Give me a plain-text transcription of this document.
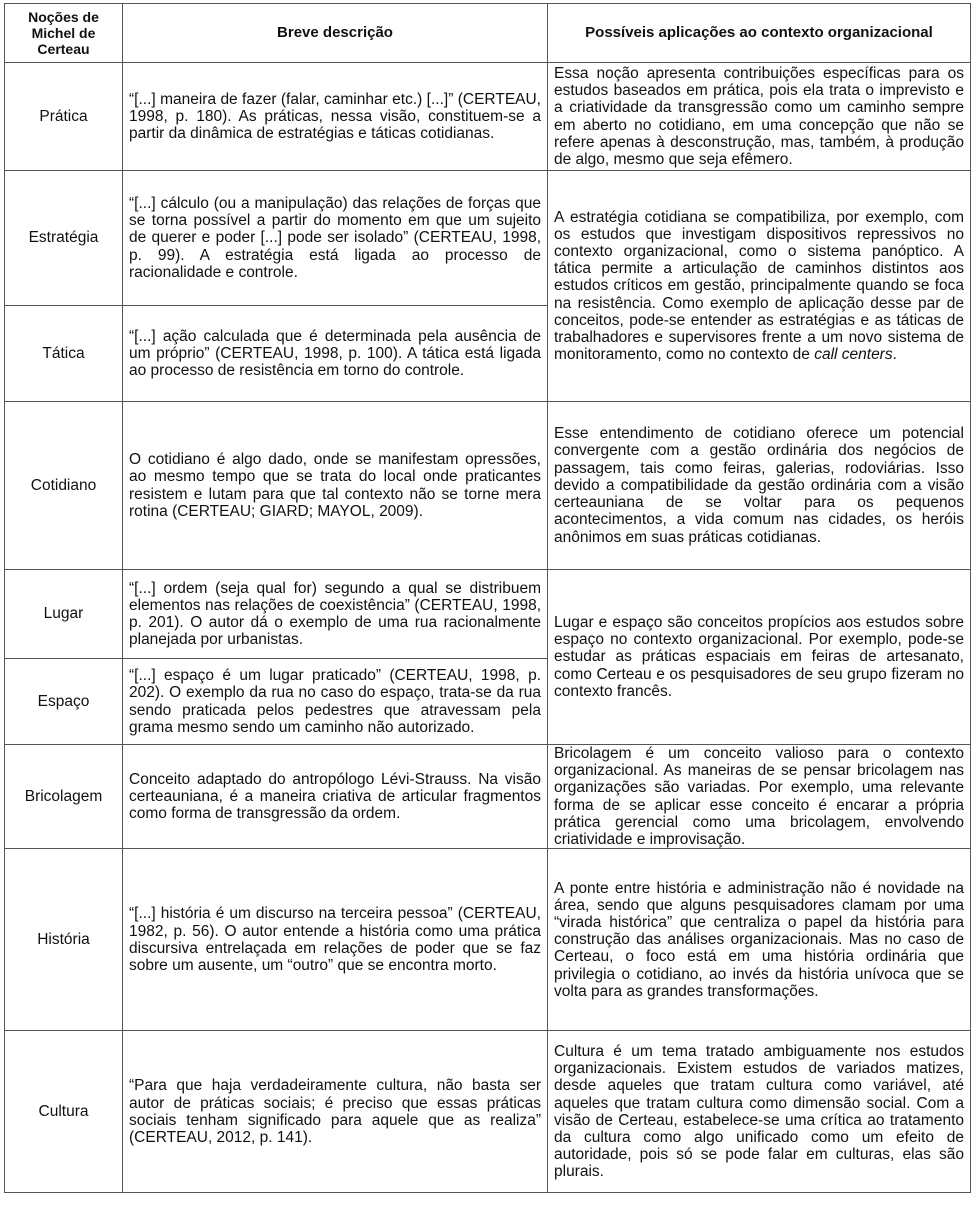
Noções de Michel de Certeau	Breve descrição	Possíveis aplicações ao contexto organizacional
Prática	“[...] maneira de fazer (falar, caminhar etc.) [...]” (CERTEAU, 1998, p. 180). As práticas, nessa visão, constituem-se a partir da dinâmica de estratégias e táticas cotidianas.	Essa noção apresenta contribuições específicas para os estudos baseados em prática, pois ela trata o imprevisto e a criatividade da transgressão como um caminho sempre em aberto no cotidiano, em uma concepção que não se refere apenas à desconstrução, mas, também, à produção de algo, mesmo que seja efêmero.
Estratégia	“[...] cálculo (ou a manipulação) das relações de forças que se torna possível a partir do momento em que um sujeito de querer e poder [...] pode ser isolado” (CERTEAU, 1998, p. 99). A estratégia está ligada ao processo de racionalidade e controle.	A estratégia cotidiana se compatibiliza, por exemplo, com os estudos que investigam dispositivos repressivos no contexto organizacional, como o sistema panóptico. A tática permite a articulação de caminhos distintos aos estudos críticos em gestão, principalmente quando se foca na resistência. Como exemplo de aplicação desse par de conceitos, pode-se entender as estratégias e as táticas de trabalhadores e supervisores frente a um novo sistema de monitoramento, como no contexto de call centers.
Tática	“[...] ação calculada que é determinada pela ausência de um próprio” (CERTEAU, 1998, p. 100). A tática está ligada ao processo de resistência em torno do controle.	
Cotidiano	O cotidiano é algo dado, onde se manifestam opressões, ao mesmo tempo que se trata do local onde praticantes resistem e lutam para que tal contexto não se torne mera rotina (CERTEAU; GIARD; MAYOL, 2009).	Esse entendimento de cotidiano oferece um potencial convergente com a gestão ordinária dos negócios de passagem, tais como feiras, galerias, rodoviárias. Isso devido a compatibilidade da gestão ordinária com a visão certeauniana de se voltar para os pequenos acontecimentos, a vida comum nas cidades, os heróis anônimos em suas práticas cotidianas.
Lugar	“[...] ordem (seja qual for) segundo a qual se distribuem elementos nas relações de coexistência” (CERTEAU, 1998, p. 201). O autor dá o exemplo de uma rua racionalmente planejada por urbanistas.	Lugar e espaço são conceitos propícios aos estudos sobre espaço no contexto organizacional. Por exemplo, pode-se estudar as práticas espaciais em feiras de artesanato, como Certeau e os pesquisadores de seu grupo fizeram no contexto francês.
Espaço	“[...] espaço é um lugar praticado” (CERTEAU, 1998, p. 202). O exemplo da rua no caso do espaço, trata-se da rua sendo praticada pelos pedestres que atravessam pela grama mesmo sendo um caminho não autorizado.	
Bricolagem	Conceito adaptado do antropólogo Lévi-Strauss. Na visão certeauniana, é a maneira criativa de articular fragmentos como forma de transgressão da ordem.	Bricolagem é um conceito valioso para o contexto organizacional. As maneiras de se pensar bricolagem nas organizações são variadas. Por exemplo, uma relevante forma de se aplicar esse conceito é encarar a própria prática gerencial como uma bricolagem, envolvendo criatividade e improvisação.
História	“[...] história é um discurso na terceira pessoa” (CERTEAU, 1982, p. 56). O autor entende a história como uma prática discursiva entrelaçada em relações de poder que se faz sobre um ausente, um “outro” que se encontra morto.	A ponte entre história e administração não é novidade na área, sendo que alguns pesquisadores clamam por uma “virada histórica” que centraliza o papel da história para construção das análises organizacionais. Mas no caso de Certeau, o foco está em uma história ordinária que privilegia o cotidiano, ao invés da história unívoca que se volta para as grandes transformações.
Cultura	“Para que haja verdadeiramente cultura, não basta ser autor de práticas sociais; é preciso que essas práticas sociais tenham significado para aquele que as realiza” (CERTEAU, 2012, p. 141).	Cultura é um tema tratado ambiguamente nos estudos organizacionais. Existem estudos de variados matizes, desde aqueles que tratam cultura como variável, até aqueles que tratam cultura como dimensão social. Com a visão de Certeau, estabelece-se uma crítica ao tratamento da cultura como algo unificado como um efeito de autoridade, pois só se pode falar em culturas, elas são plurais.
